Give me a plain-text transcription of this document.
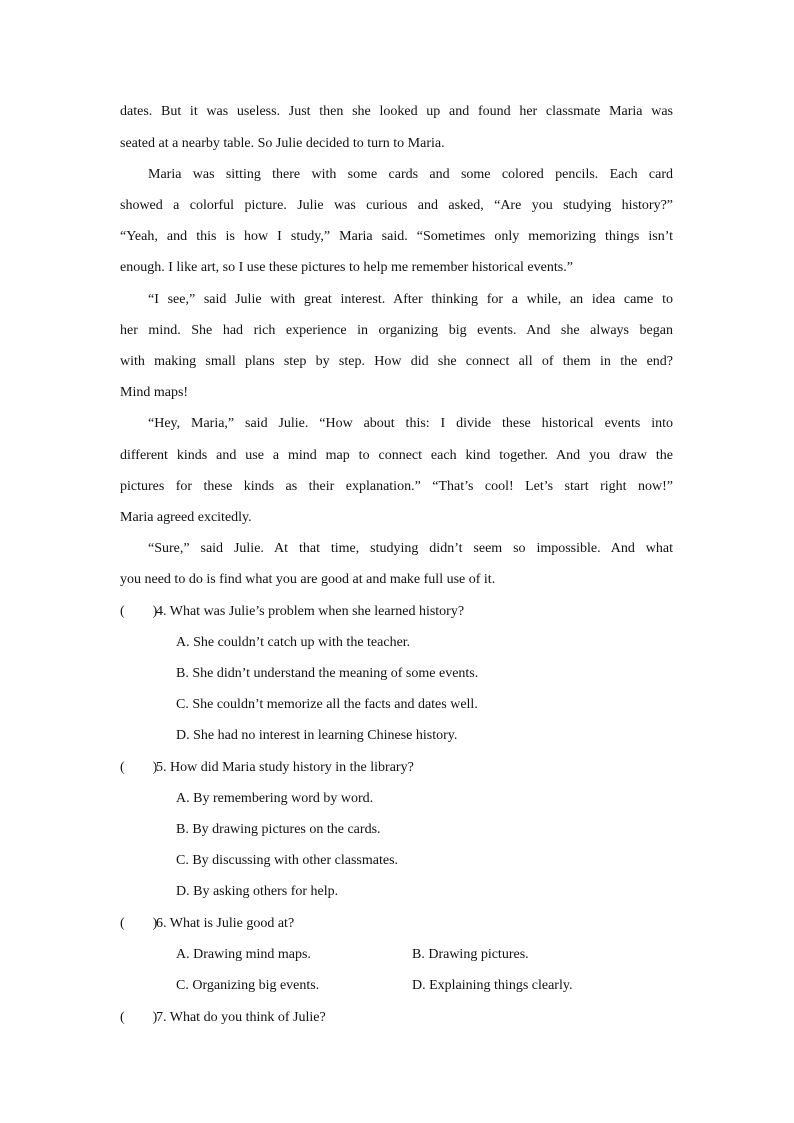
dates. But it was useless. Just then she looked up and found her classmate Maria was
seated at a nearby table. So Julie decided to turn to Maria.
Maria was sitting there with some cards and some colored pencils. Each card
showed a colorful picture. Julie was curious and asked, “Are you studying history?”
“Yeah, and this is how I study,” Maria said. “Sometimes only memorizing things isn’t
enough. I like art, so I use these pictures to help me remember historical events.”
“I see,” said Julie with great interest. After thinking for a while, an idea came to
her mind. She had rich experience in organizing big events. And she always began
with making small plans step by step. How did she connect all of them in the end?
Mind maps!
“Hey, Maria,” said Julie. “How about this: I divide these historical events into
different kinds and use a mind map to connect each kind together. And you draw the
pictures for these kinds as their explanation.” “That’s cool! Let’s start right now!”
Maria agreed excitedly.
“Sure,” said Julie. At that time, studying didn’t seem so impossible. And what
you need to do is find what you are good at and make full use of it.
(        )
4. What was Julie’s problem when she learned history?
A. She couldn’t catch up with the teacher.
B. She didn’t understand the meaning of some events.
C. She couldn’t memorize all the facts and dates well.
D. She had no interest in learning Chinese history.
(        )
5. How did Maria study history in the library?
A. By remembering word by word.
B. By drawing pictures on the cards.
C. By discussing with other classmates.
D. By asking others for help.
(        )
6. What is Julie good at?
A. Drawing mind maps.	B. Drawing pictures.
C. Organizing big events.	D. Explaining things clearly.
(        )
7. What do you think of Julie?
